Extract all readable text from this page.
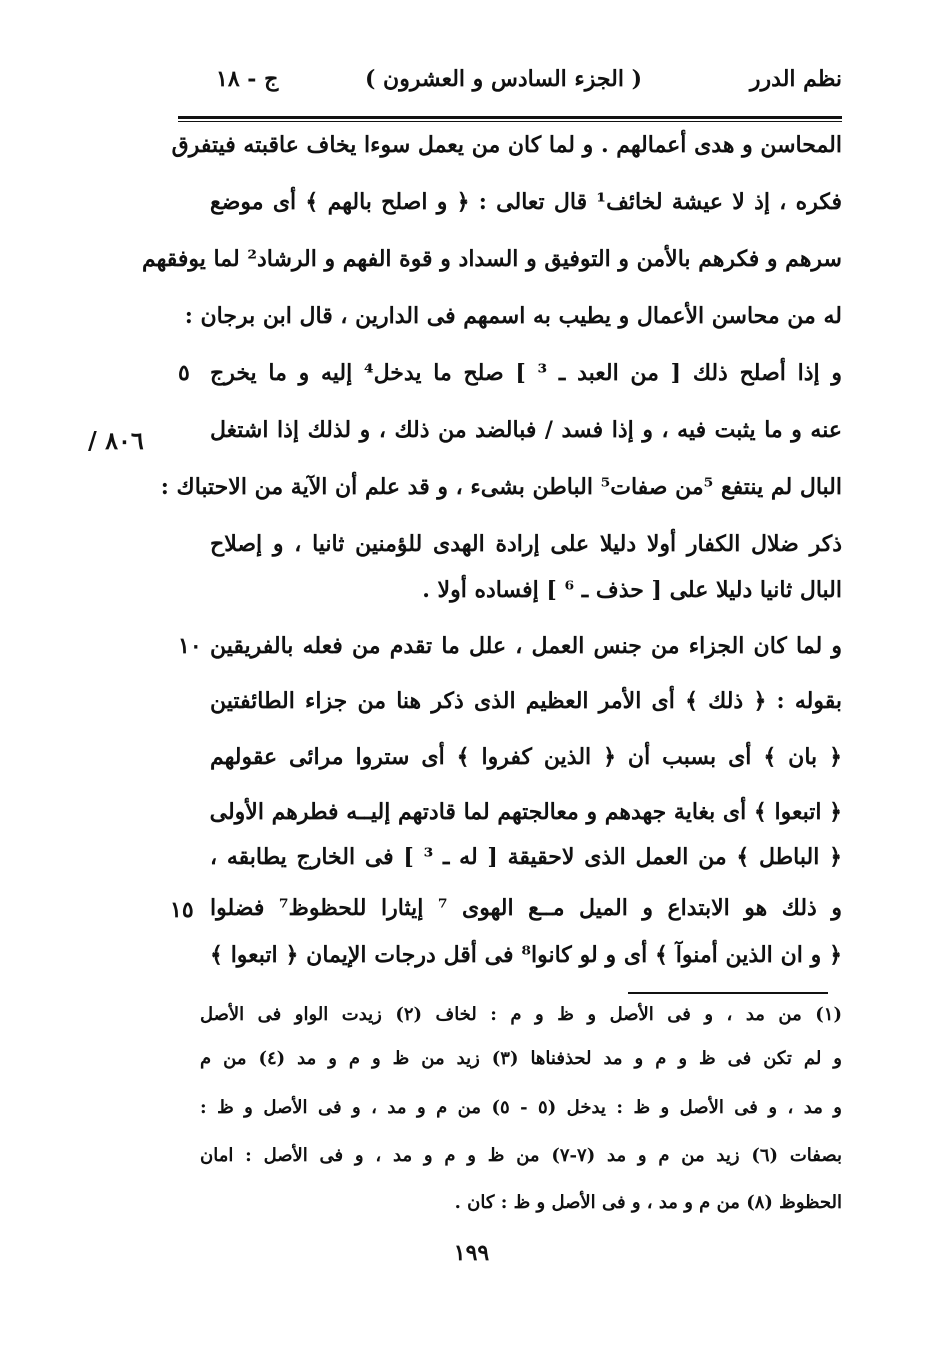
نظم الدرر
( الجزء السادس و العشرون )
ج - ١٨
المحاسن و هدى أعمالهم . و لما كان من يعمل سوءا يخاف عاقبته فيتفرق
فكره ، إذ لا عيشة لخائف¹ قال تعالى : ﴿ و اصلح بالهم ﴾ أى موضع
سرهم و فكرهم بالأمن و التوفيق و السداد و قوة الفهم و الرشاد² لما يوفقهم
له من محاسن الأعمال و يطيب به اسمهم فى الدارين ، قال ابن برجان :
و إذا أصلح ذلك [ من العبد ـ ³ ] صلح ما يدخل⁴ إليه و ما يخرج
عنه و ما يثبت فيه ، و إذا فسد / فبالضد من ذلك ، و لذلك إذا اشتغل
البال لم ينتفع ⁵من صفات⁵ الباطن بشىء ، و قد علم أن الآية من الاحتباك :
ذكر ضلال الكفار أولا دليلا على إرادة الهدى للؤمنين ثانيا ، و إصلاح
البال ثانيا دليلا على [ حذف ـ ⁶ ] إفساده أولا .
و لما كان الجزاء من جنس العمل ، علل ما تقدم من فعله بالفريقين
بقوله : ﴿ ذلك ﴾ أى الأمر العظيم الذى ذكر هنا من جزاء الطائفتين
﴿ بان ﴾ أى بسبب أن ﴿ الذين كفروا ﴾ أى ستروا مرائى عقولهم
﴿ اتبعوا ﴾ أى بغاية جهدهم و معالجتهم لما قادتهم إليــه فطرهم الأولى
﴿ الباطل ﴾ من العمل الذى لاحقيقة [ له ـ ³ ] فى الخارج يطابقه ،
و ذلك هو الابتداع و الميل مــع الهوى ⁷ إيثارا للحظوظ⁷ فضلوا
﴿ و ان الذين أمنوآ ﴾ أى و لو كانوا⁸ فى أقل درجات الإيمان ﴿ اتبعوا ﴾
٥
١٠
١٥
٨٠٦ /
(١) من مد ، و فى الأصل و ظ و م : لخاف (٢) زيدت الواو فى الأصل
و لم تكن فى ظ و م و مد لحذفناها (٣) زيد من ظ و م و مد (٤) من م
و مد ، و فى الأصل و ظ : يدخل (٥ - ٥) من م و مد ، و فى الأصل و ظ :
بصفات (٦) زيد من م و مد (٧-٧) من ظ و م و مد ، و فى الأصل : امان
الحظوظ (٨) من م و مد ، و فى الأصل و ظ : كان .
١٩٩
